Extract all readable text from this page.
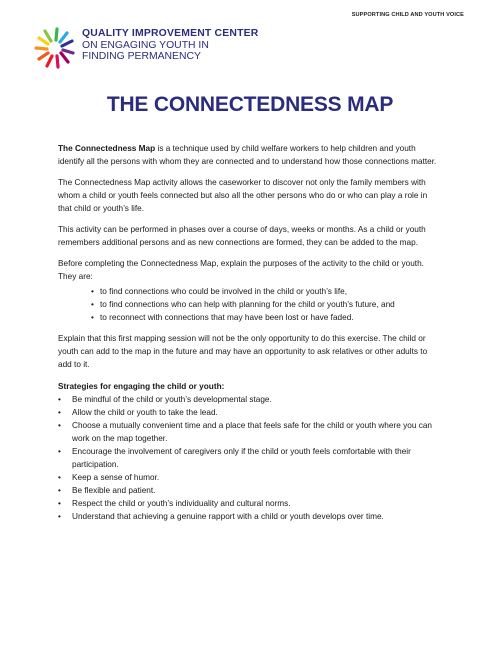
SUPPORTING CHILD AND YOUTH VOICE
QUALITY IMPROVEMENT CENTER
ON ENGAGING YOUTH IN
FINDING PERMANENCY
THE CONNECTEDNESS MAP

The Connectedness Map is a technique used by child welfare workers to help children and youth identify all the persons with whom they are connected and to understand how those connections matter.

The Connectedness Map activity allows the caseworker to discover not only the family members with whom a child or youth feels connected but also all the other persons who do or who can play a role in that child or youth’s life.

This activity can be performed in phases over a course of days, weeks or months. As a child or youth remembers additional persons and as new connections are formed, they can be added to the map.

Before completing the Connectedness Map, explain the purposes of the activity to the child or youth. They are:

• to find connections who could be involved in the child or youth’s life,
• to find connections who can help with planning for the child or youth’s future, and
• to reconnect with connections that may have been lost or have faded.

Explain that this first mapping session will not be the only opportunity to do this exercise. The child or youth can add to the map in the future and may have an opportunity to ask relatives or other adults to add to it.

Strategies for engaging the child or youth:
• Be mindful of the child or youth’s developmental stage.
• Allow the child or youth to take the lead.
• Choose a mutually convenient time and a place that feels safe for the child or youth where you can work on the map together.
• Encourage the involvement of caregivers only if the child or youth feels comfortable with their participation.
• Keep a sense of humor.
• Be flexible and patient.
• Respect the child or youth’s individuality and cultural norms.
• Understand that achieving a genuine rapport with a child or youth develops over time.
